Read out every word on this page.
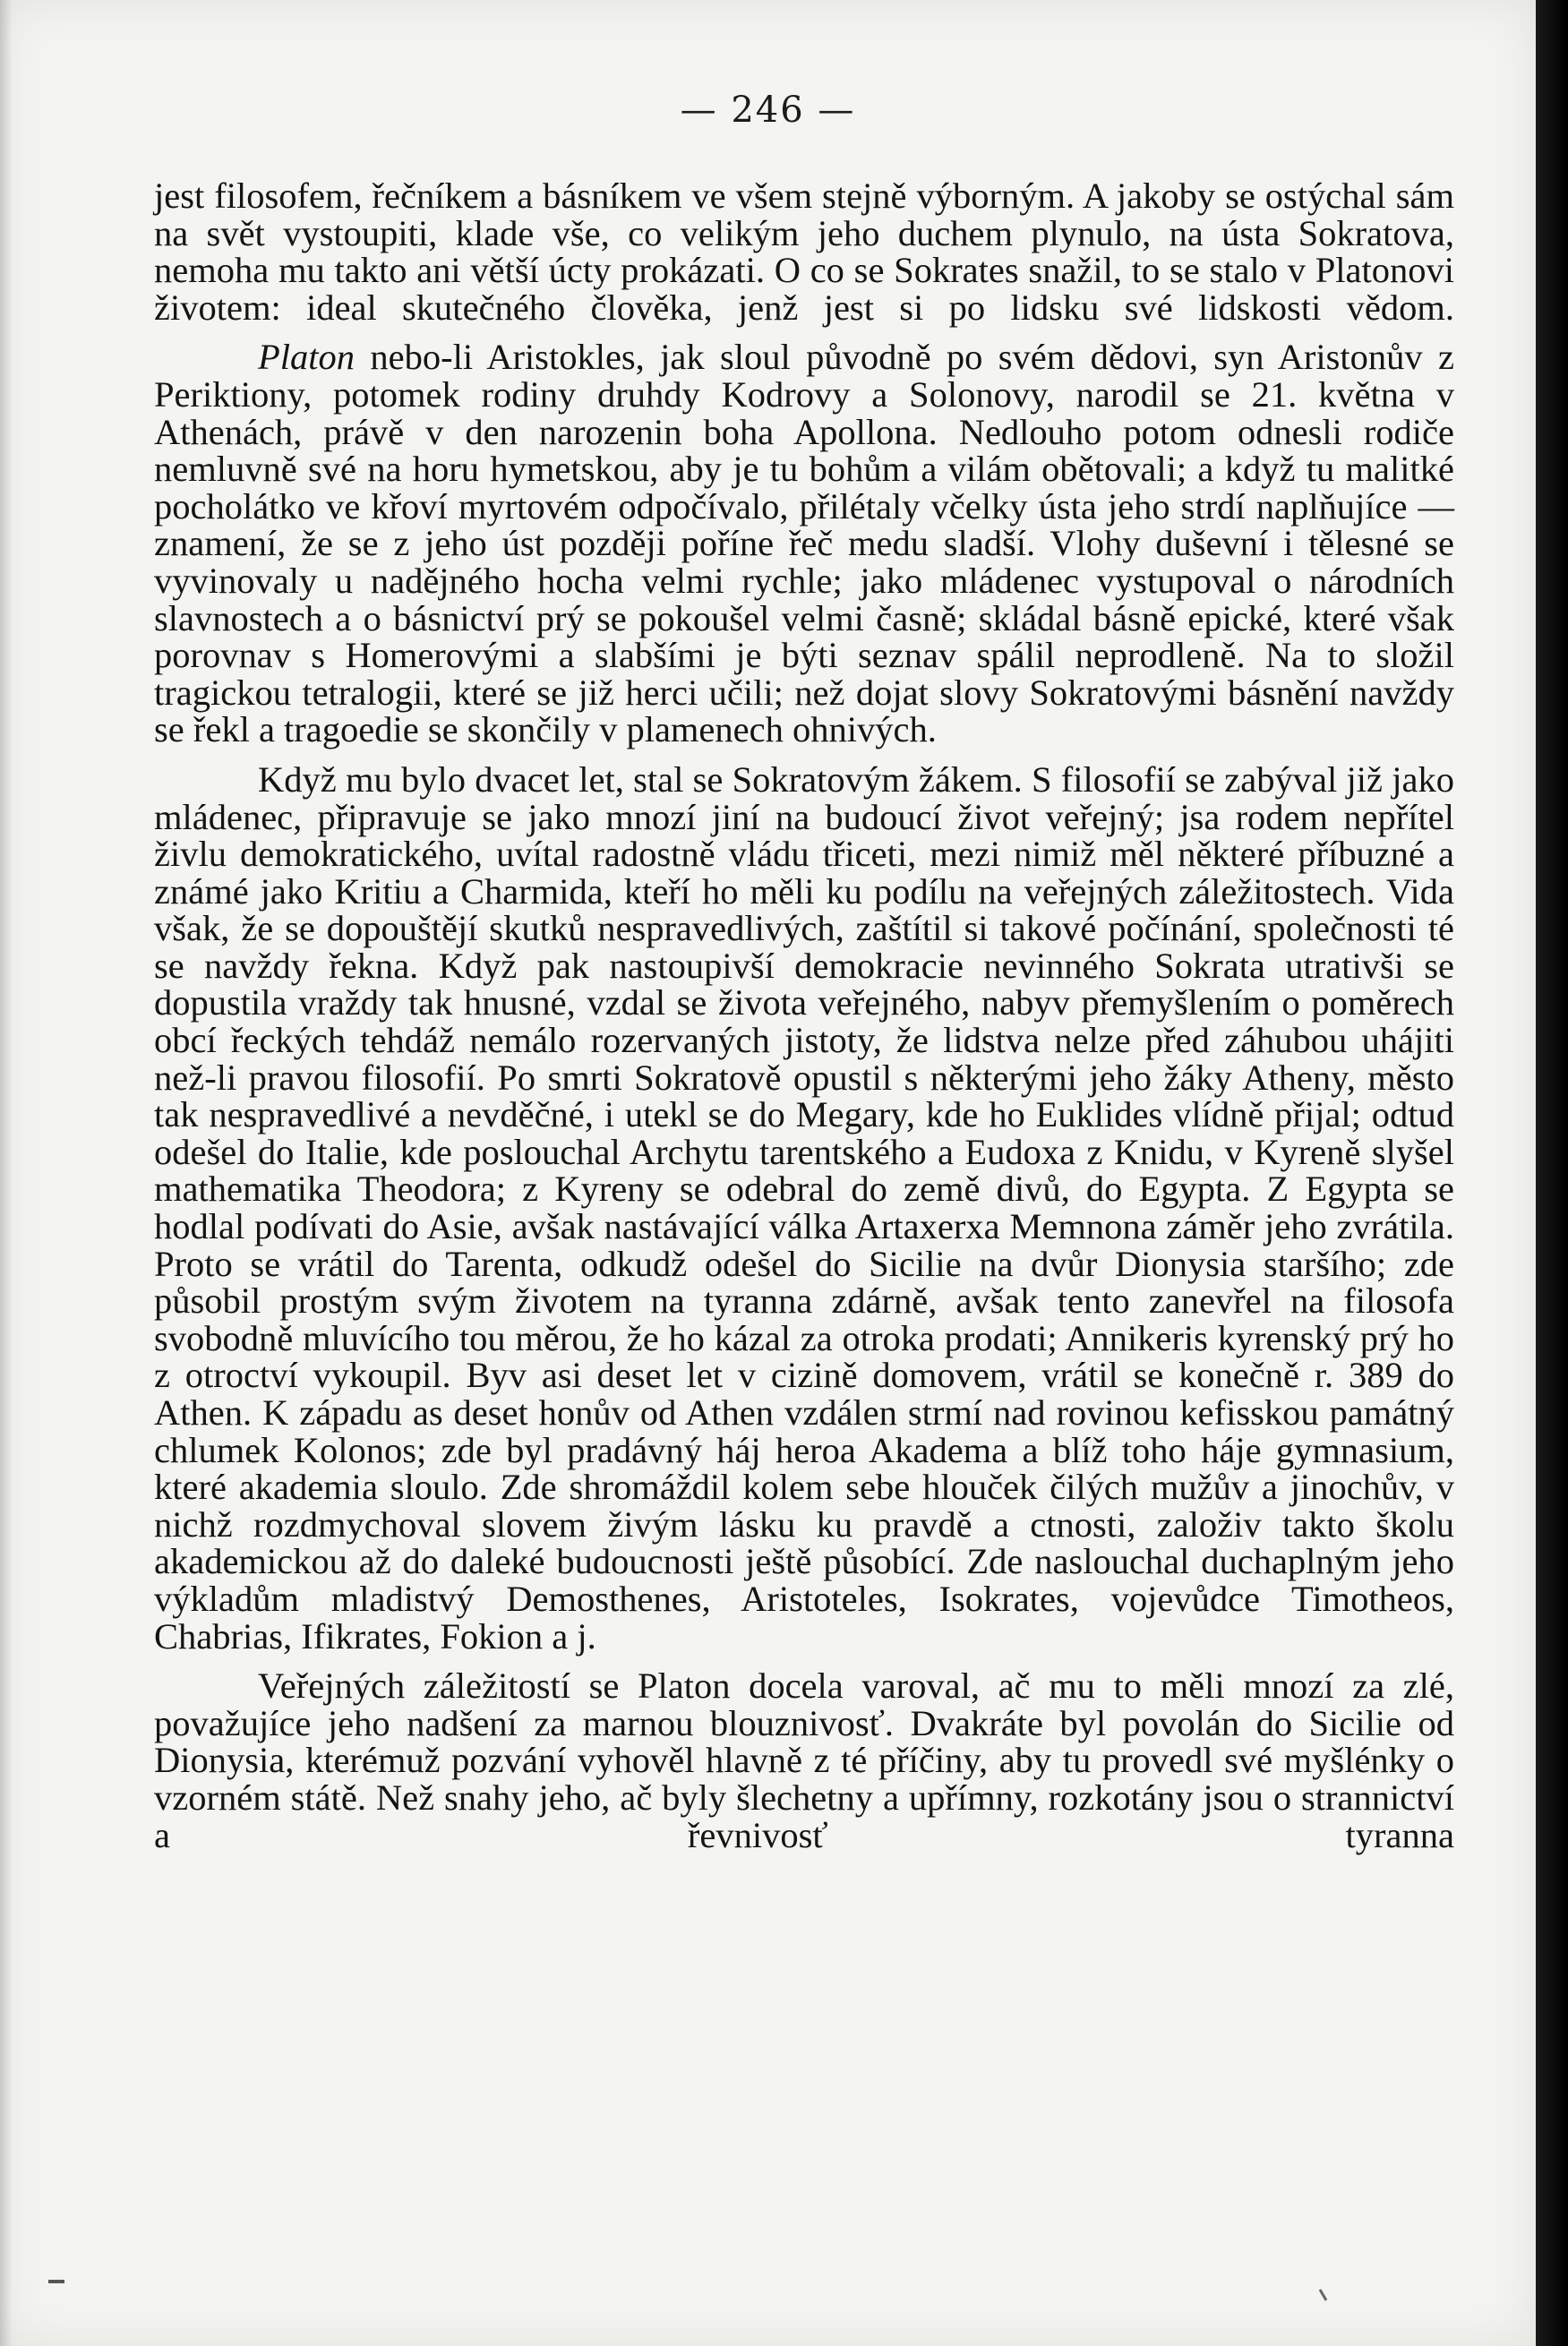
— 246 —

jest filosofem, řečníkem a básníkem ve všem stejně výborným. A jakoby se ostýchal sám na svět vystoupiti, klade vše, co velikým jeho duchem plynulo, na ústa Sokratova, nemoha mu takto ani větší úcty prokázati. O co se Sokrates snažil, to se stalo v Platonovi životem: ideal skutečného člověka, jenž jest si po lidsku své lidskosti vědom.

Platon nebo-li Aristokles, jak sloul původně po svém dědovi, syn Aristonův z Periktiony, potomek rodiny druhdy Kodrovy a Solonovy, narodil se 21. května v Athenách, právě v den narozenin boha Apollona. Nedlouho potom odnesli rodiče nemluvně své na horu hymetskou, aby je tu bohům a vilám obětovali; a když tu malitké pocholátko ve křoví myrtovém odpočívalo, přilétaly včelky ústa jeho strdí naplňujíce — znamení, že se z jeho úst později poříne řeč medu sladší. Vlohy duševní i tělesné se vyvinovaly u nadějného hocha velmi rychle; jako mládenec vystupoval o národních slavnostech a o básnictví prý se pokoušel velmi časně; skládal básně epické, které však porovnav s Homerovými a slabšími je býti seznav spálil neprodleně. Na to složil tragickou tetralogii, které se již herci učili; než dojat slovy Sokratovými básnění navždy se řekl a tragoedie se skončily v plamenech ohnivých.

Když mu bylo dvacet let, stal se Sokratovým žákem. S filosofií se zabýval již jako mládenec, připravuje se jako mnozí jiní na budoucí život veřejný; jsa rodem nepřítel živlu demokratického, uvítal radostně vládu třiceti, mezi nimiž měl některé příbuzné a známé jako Kritiu a Charmida, kteří ho měli ku podílu na veřejných záležitostech. Vida však, že se dopouštějí skutků nespravedlivých, zaštítil si takové počínání, společnosti té se navždy řekna. Když pak nastoupivší demokracie nevinného Sokrata utrativši se dopustila vraždy tak hnusné, vzdal se života veřejného, nabyv přemyšlením o poměrech obcí řeckých tehdáž nemálo rozervaných jistoty, že lidstva nelze před záhubou uhájiti než-li pravou filosofií. Po smrti Sokratově opustil s některými jeho žáky Atheny, město tak nespravedlivé a nevděčné, i utekl se do Megary, kde ho Euklides vlídně přijal; odtud odešel do Italie, kde poslouchal Archytu tarentského a Eudoxa z Knidu, v Kyreně slyšel mathematika Theodora; z Kyreny se odebral do země divů, do Egypta. Z Egypta se hodlal podívati do Asie, avšak nastávající válka Artaxerxa Memnona záměr jeho zvrátila. Proto se vrátil do Tarenta, odkudž odešel do Sicilie na dvůr Dionysia staršího; zde působil prostým svým životem na tyranna zdárně, avšak tento zanevřel na filosofa svobodně mluvícího tou měrou, že ho kázal za otroka prodati; Annikeris kyrenský prý ho z otroctví vykoupil. Byv asi deset let v cizině domovem, vrátil se konečně r. 389 do Athen. K západu as deset honův od Athen vzdálen strmí nad rovinou kefisskou památný chlumek Kolonos; zde byl pradávný háj heroa Akadema a blíž toho háje gymnasium, které akademia sloulo. Zde shromáždil kolem sebe hlouček čilých mužův a jinochův, v nichž rozdmychoval slovem živým lásku ku pravdě a ctnosti, založiv takto školu akademickou až do daleké budoucnosti ještě působící. Zde naslouchal duchaplným jeho výkladům mladistvý Demosthenes, Aristoteles, Isokrates, vojevůdce Timotheos, Chabrias, Ifikrates, Fokion a j.

Veřejných záležitostí se Platon docela varoval, ač mu to měli mnozí za zlé, považujíce jeho nadšení za marnou blouznivosť. Dvakráte byl povolán do Sicilie od Dionysia, kterémuž pozvání vyhověl hlavně z té příčiny, aby tu provedl své myšlénky o vzorném státě. Než snahy jeho, ač byly šlechetny a upřímny, rozkotány jsou o strannictví a řevnivosť tyranna
